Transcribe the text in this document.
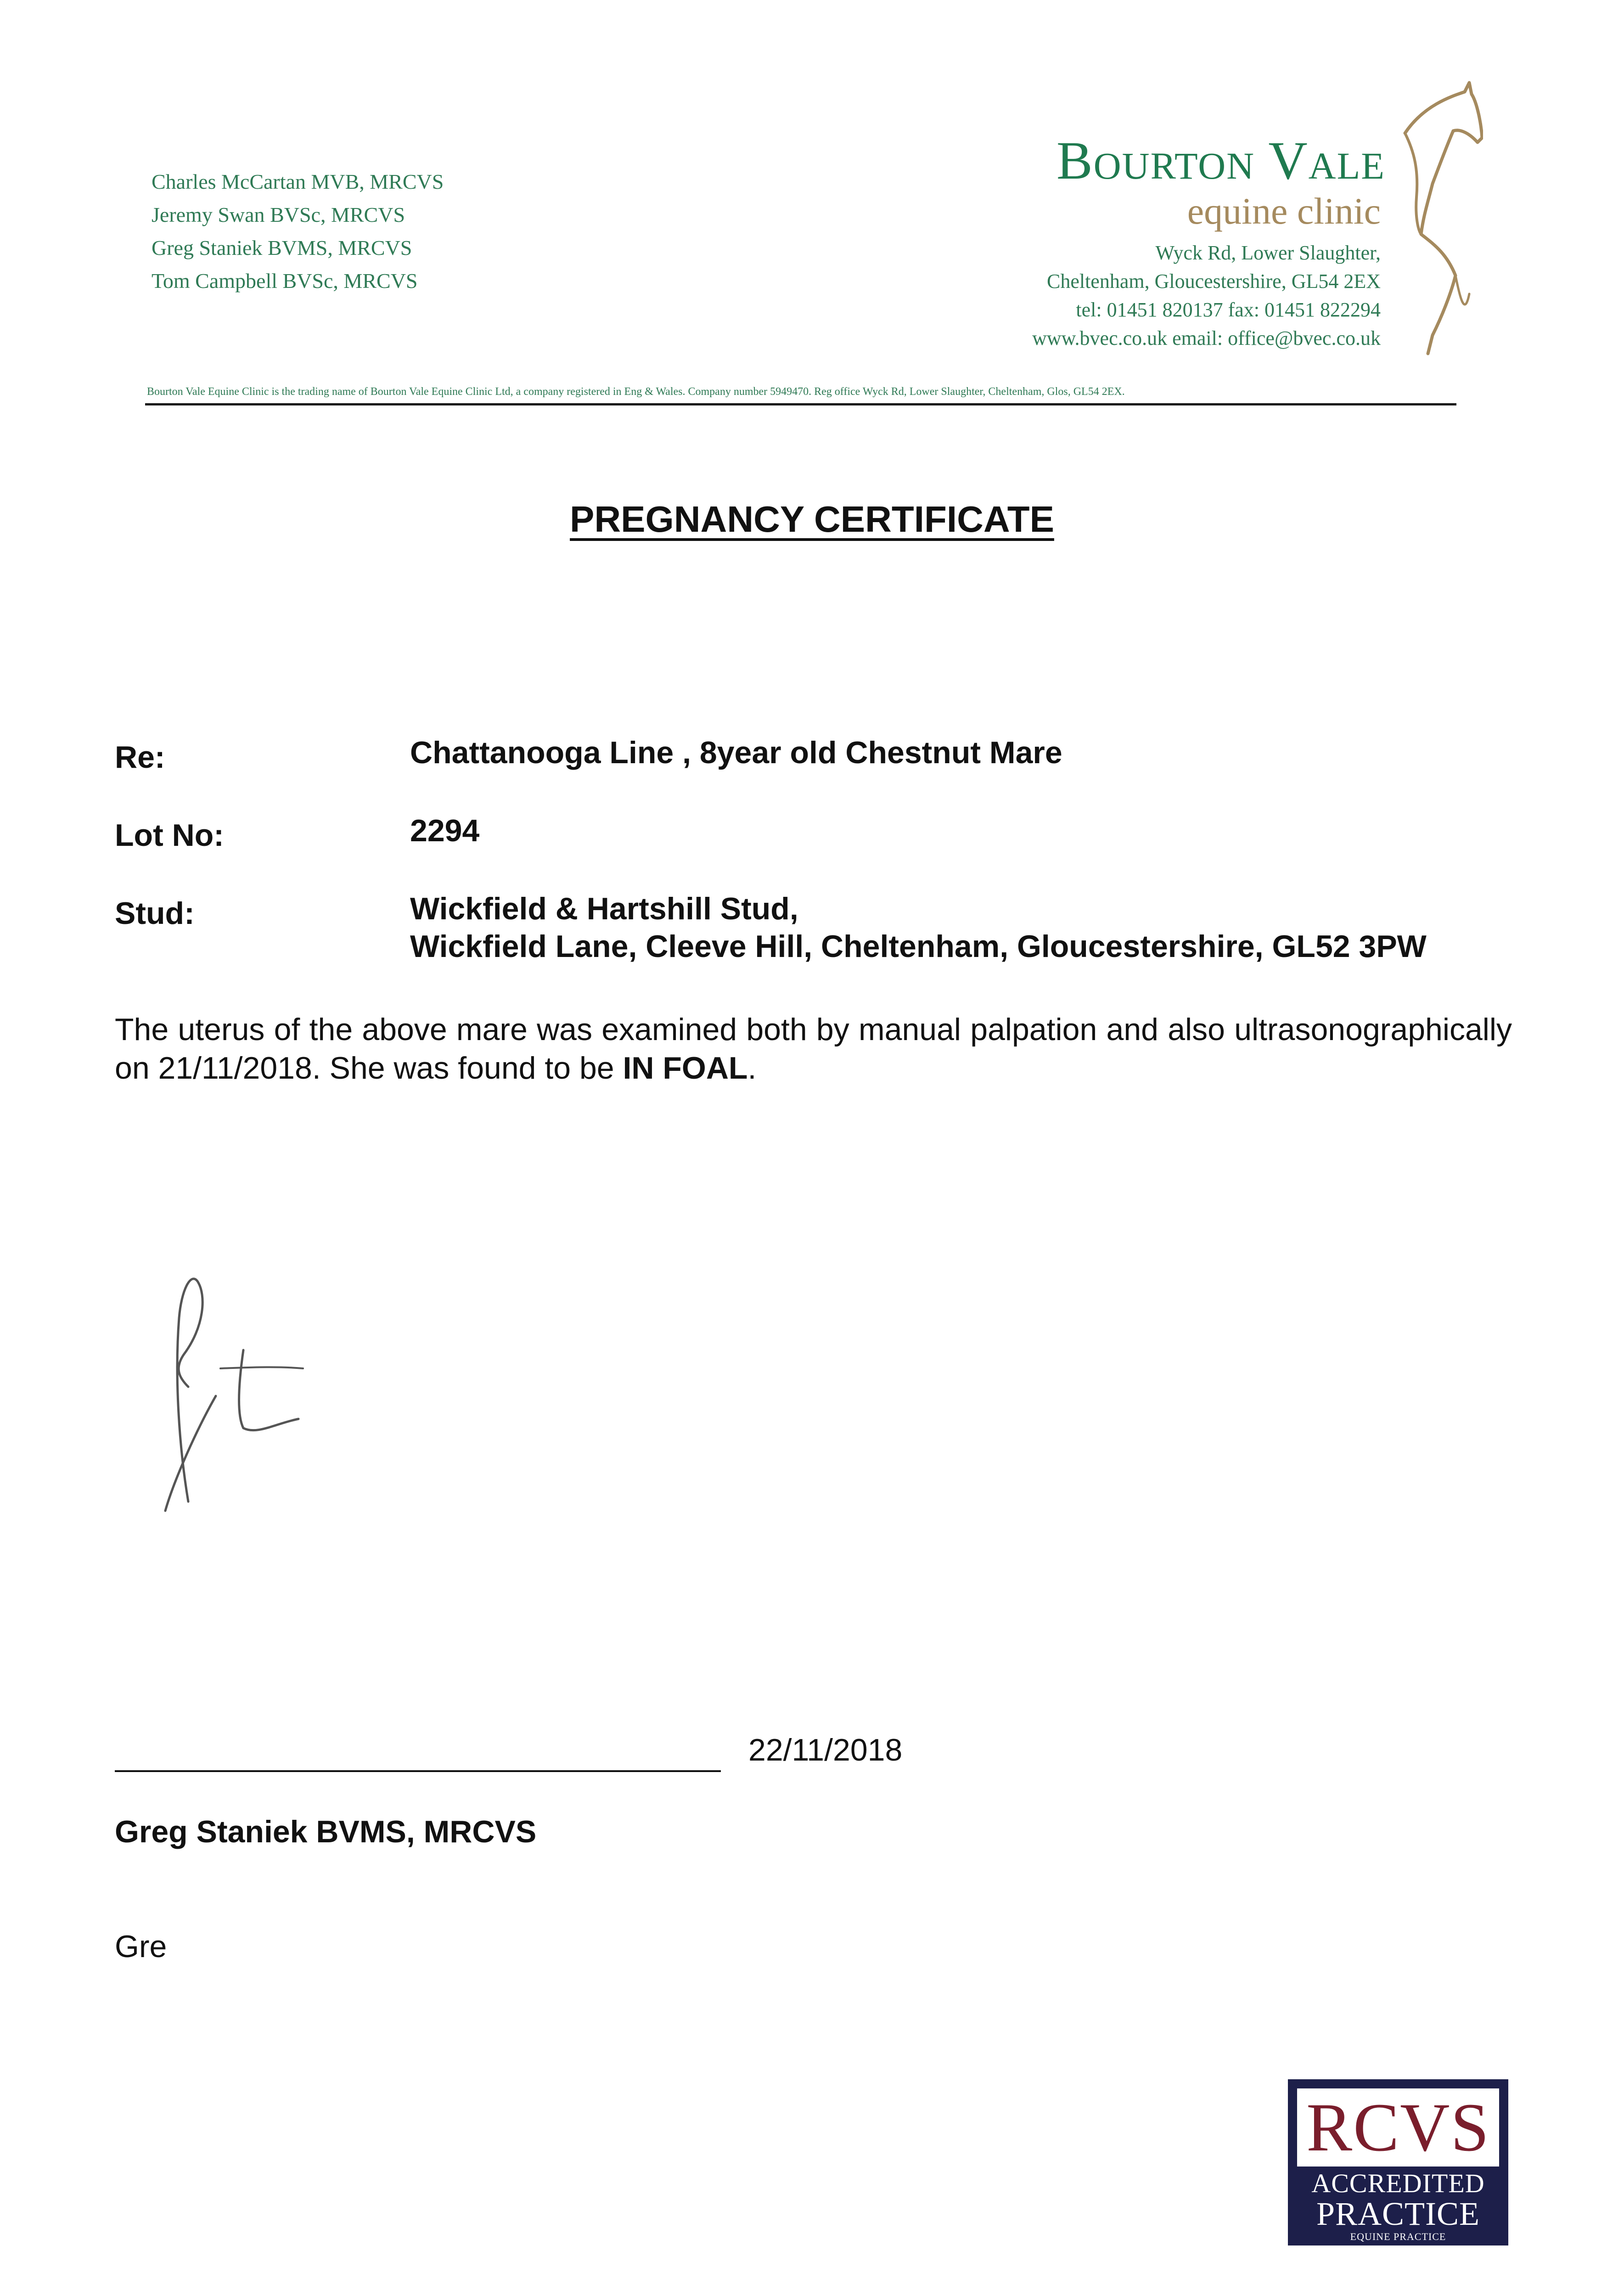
Charles McCartan MVB, MRCVS
Jeremy Swan BVSc, MRCVS
Greg Staniek BVMS, MRCVS
Tom Campbell BVSc, MRCVS
Bourton Vale
equine clinic
Wyck Rd, Lower Slaughter,
Cheltenham, Gloucestershire, GL54 2EX
tel: 01451 820137 fax: 01451 822294
www.bvec.co.uk email: office@bvec.co.uk
Bourton Vale Equine Clinic is the trading name of Bourton Vale Equine Clinic Ltd, a company registered in Eng & Wales. Company number 5949470. Reg office Wyck Rd, Lower Slaughter, Cheltenham, Glos, GL54 2EX.
PREGNANCY CERTIFICATE
Re:	Chattanooga Line , 8year old Chestnut Mare
Lot No:	2294
Stud:	Wickfield & Hartshill Stud,
Wickfield Lane, Cleeve Hill, Cheltenham, Gloucestershire, GL52 3PW
The uterus of the above mare was examined both by manual palpation and also ultrasonographically on 21/11/2018. She was found to be IN FOAL.
22/11/2018
Greg Staniek BVMS, MRCVS
Gre
RCVS
ACCREDITED
PRACTICE
EQUINE PRACTICE
